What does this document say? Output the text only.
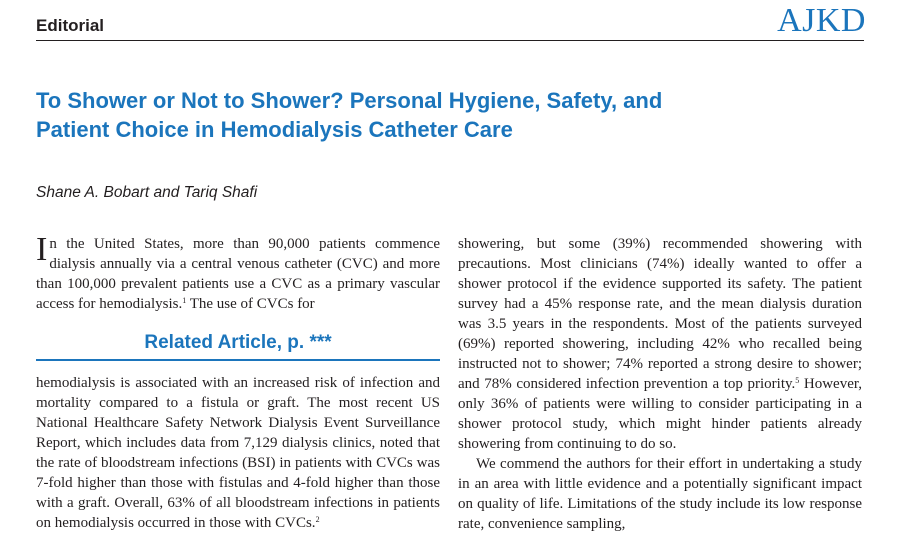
Editorial	AJKD
To Shower or Not to Shower? Personal Hygiene, Safety, and Patient Choice in Hemodialysis Catheter Care
Shane A. Bobart and Tariq Shafi

In the United States, more than 90,000 patients commence dialysis annually via a central venous catheter (CVC) and more than 100,000 prevalent patients use a CVC as a primary vascular access for hemodialysis.$^1$ The use of CVCs for

Related Article, p. ***

hemodialysis is associated with an increased risk of infection and mortality compared to a fistula or graft. The most recent US National Healthcare Safety Network Dialysis Event Surveillance Report, which includes data from 7,129 dialysis clinics, noted that the rate of bloodstream infections (BSI) in patients with CVCs was 7-fold higher than those with fistulas and 4-fold higher than those with a graft. Overall, 63% of all bloodstream infections in patients on hemodialysis occurred in those with CVCs.$^2$

showering, but some (39%) recommended showering with precautions. Most clinicians (74%) ideally wanted to offer a shower protocol if the evidence supported its safety. The patient survey had a 45% response rate, and the mean dialysis duration was 3.5 years in the respondents. Most of the patients surveyed (69%) reported showering, including 42% who recalled being instructed not to shower; 74% reported a strong desire to shower; and 78% considered infection prevention a top priority.$^5$ However, only 36% of patients were willing to consider participating in a shower protocol study, which might hinder patients already showering from continuing to do so.

We commend the authors for their effort in undertaking a study in an area with little evidence and a potentially significant impact on quality of life. Limitations of the study include its low response rate, convenience sampling,
